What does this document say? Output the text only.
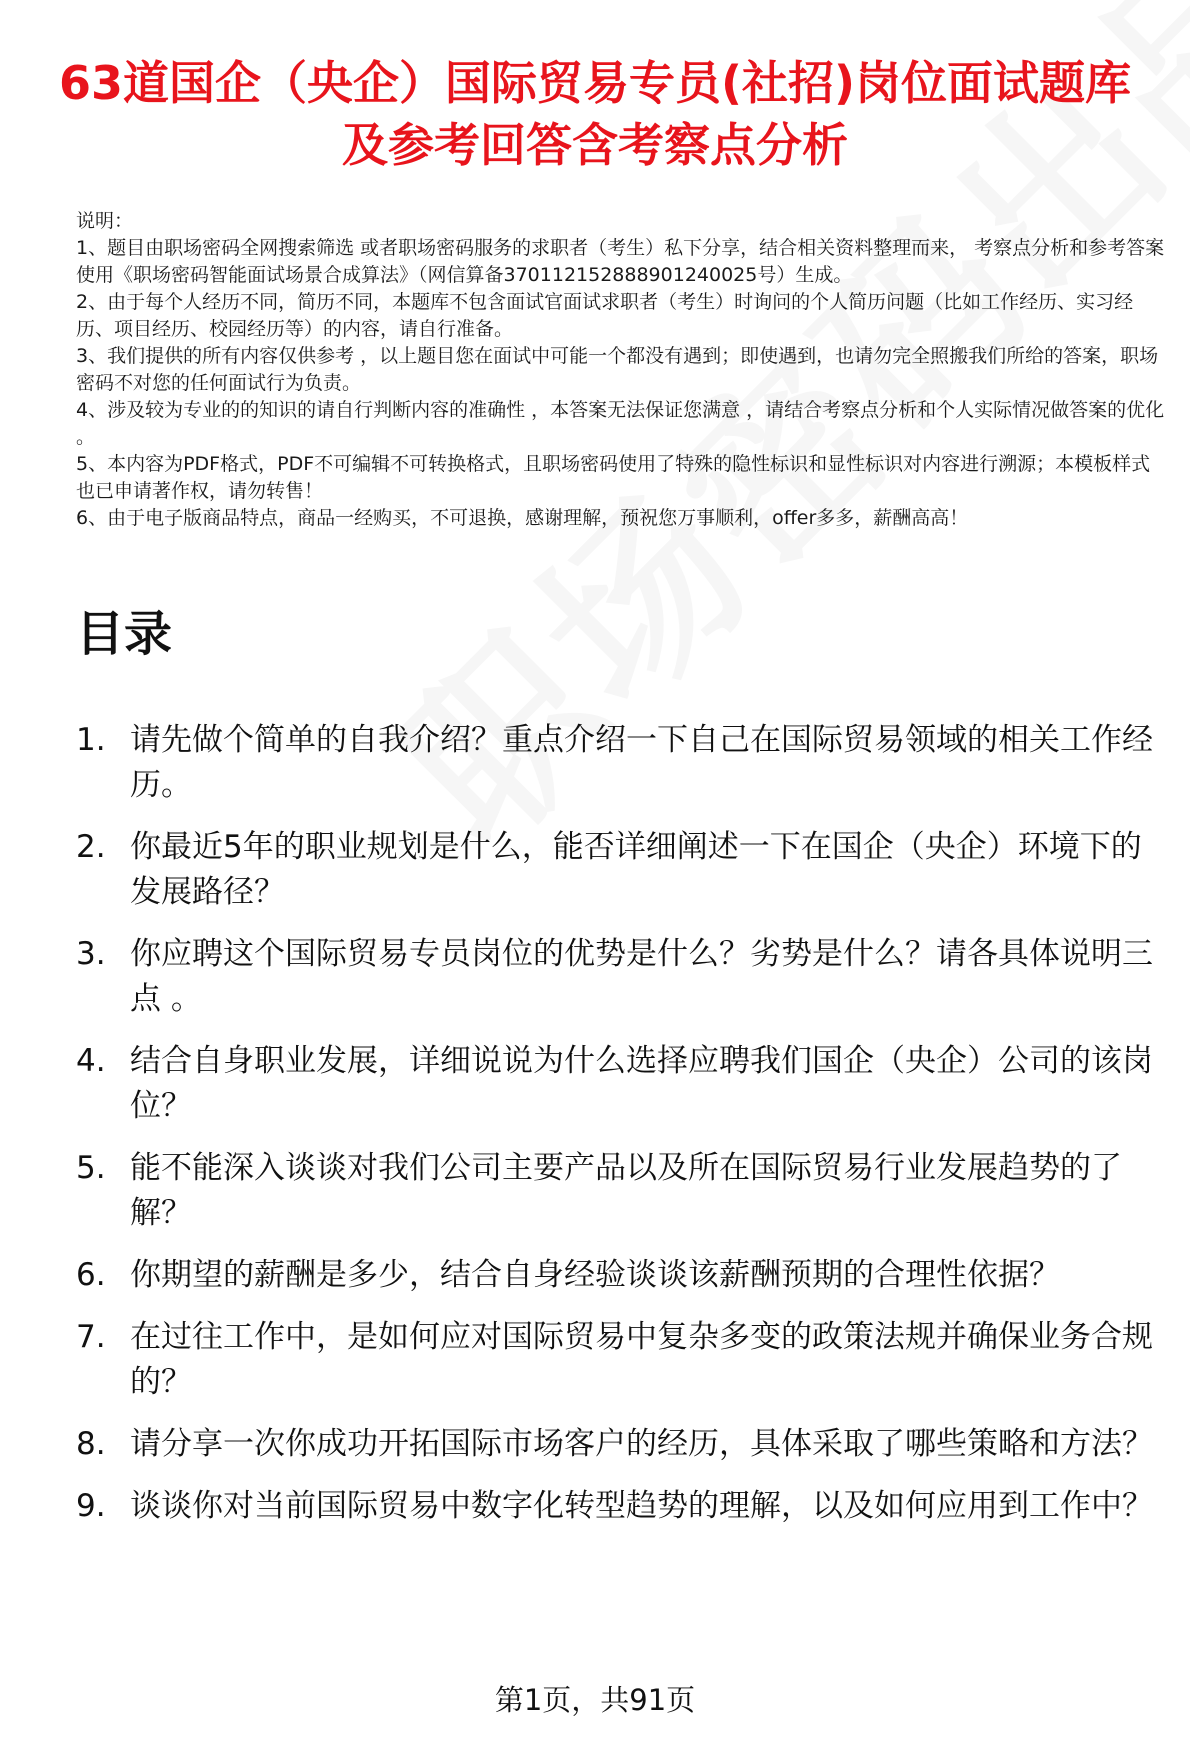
63道国企（央企）国际贸易专员(社招)岗位面试题库及参考回答含考察点分析

说明：

1、题目由职场密码全网搜索筛选 或者职场密码服务的求职者（考生）私下分享，结合相关资料整理而来， 考察点分析和参考答案使用《职场密码智能面试场景合成算法》（网信算备370112152888901240025号）生成。

2、由于每个人经历不同，简历不同，本题库不包含面试官面试求职者（考生）时询问的个人简历问题（比如工作经历、实习经历、项目经历、校园经历等）的内容，请自行准备。

3、我们提供的所有内容仅供参考 ，以上题目您在面试中可能一个都没有遇到；即使遇到，也请勿完全照搬我们所给的答案，职场密码不对您的任何面试行为负责。

4、涉及较为专业的的知识的请自行判断内容的准确性 ，本答案无法保证您满意 ，请结合考察点分析和个人实际情况做答案的优化 。

5、本内容为PDF格式，PDF不可编辑不可转换格式，且职场密码使用了特殊的隐性标识和显性标识对内容进行溯源；本模板样式也已申请著作权，请勿转售！

6、由于电子版商品特点，商品一经购买，不可退换，感谢理解，预祝您万事顺利，offer多多，薪酬高高！

目录
1. 请先做个简单的自我介绍？重点介绍一下自己在国际贸易领域的相关工作经历。
2. 你最近5年的职业规划是什么，能否详细阐述一下在国企（央企）环境下的发展路径？
3. 你应聘这个国际贸易专员岗位的优势是什么？劣势是什么？请各具体说明三点 。
4. 结合自身职业发展，详细说说为什么选择应聘我们国企（央企）公司的该岗位？
5. 能不能深入谈谈对我们公司主要产品以及所在国际贸易行业发展趋势的了解？
6. 你期望的薪酬是多少，结合自身经验谈谈该薪酬预期的合理性依据？
7. 在过往工作中，是如何应对国际贸易中复杂多变的政策法规并确保业务合规的？
8. 请分享一次你成功开拓国际市场客户的经历，具体采取了哪些策略和方法？
9. 谈谈你对当前国际贸易中数字化转型趋势的理解，以及如何应用到工作中？
第1页，共91页
